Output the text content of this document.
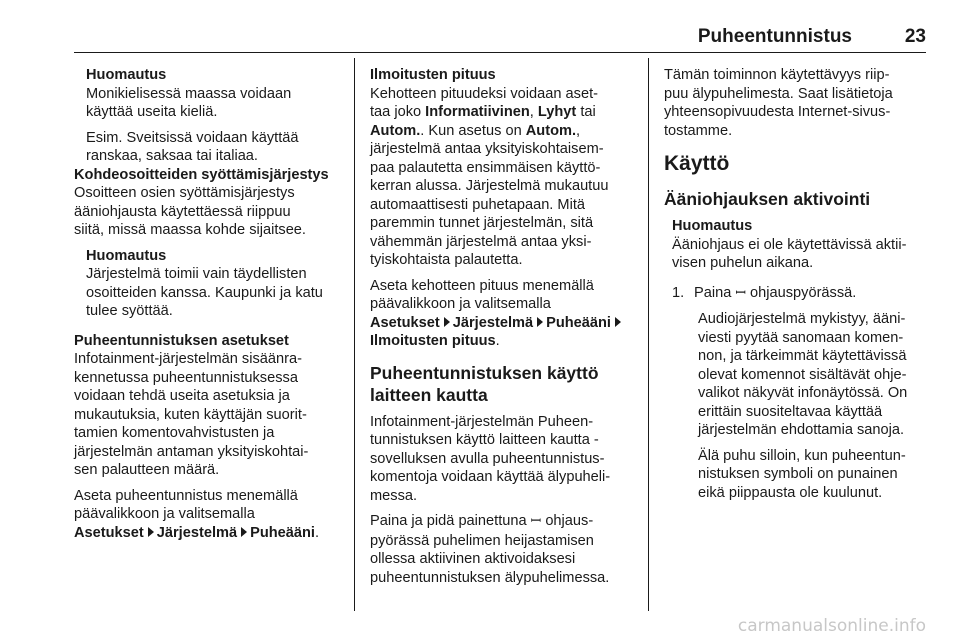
Puheentunnistus	23
Huomautus
Monikielisessä maassa voidaan
käyttää useita kieliä.
Esim. Sveitsissä voidaan käyttää
ranskaa, saksaa tai italiaa.
Kohdeosoitteiden syöttämisjärjestys
Osoitteen osien syöttämisjärjestys
ääniohjausta käytettäessä riippuu
siitä, missä maassa kohde sijaitsee.
Huomautus
Järjestelmä toimii vain täydellisten
osoitteiden kanssa. Kaupunki ja katu
tulee syöttää.
Puheentunnistuksen asetukset
Infotainment-järjestelmän sisäänra-
kennetussa puheentunnistuksessa
voidaan tehdä useita asetuksia ja
mukautuksia, kuten käyttäjän suorit-
tamien komentovahvistusten ja
järjestelmän antaman yksityiskohtai-
sen palautteen määrä.
Aseta puheentunnistus menemällä
päävalikkoon ja valitsemalla
Asetukset Järjestelmä Puheääni.
Ilmoitusten pituus
Kehotteen pituudeksi voidaan aset-
taa joko Informatiivinen, Lyhyt tai
Autom.. Kun asetus on Autom.,
järjestelmä antaa yksityiskohtaisem-
paa palautetta ensimmäisen käyttö-
kerran alussa. Järjestelmä mukautuu
automaattisesti puhetapaan. Mitä
paremmin tunnet järjestelmän, sitä
vähemmän järjestelmä antaa yksi-
tyiskohtaista palautetta.
Aseta kehotteen pituus menemällä
päävalikkoon ja valitsemalla
Asetukset Järjestelmä Puheääni
Ilmoitusten pituus.
Puheentunnistuksen käyttö
laitteen kautta
Infotainment-järjestelmän Puheen-
tunnistuksen käyttö laitteen kautta -
sovelluksen avulla puheentunnistus-
komentoja voidaan käyttää älypuheli-
messa.
Paina ja pidä painettuna ꟷ ohjaus-
pyörässä puhelimen heijastamisen
ollessa aktiivinen aktivoidaksesi
puheentunnistuksen älypuhelimessa.
Tämän toiminnon käytettävyys riip-
puu älypuhelimesta. Saat lisätietoja
yhteensopivuudesta Internet-sivus-
tostamme.
Käyttö
Ääniohjauksen aktivointi
Huomautus
Ääniohjaus ei ole käytettävissä aktii-
visen puhelun aikana.
1. Paina ꟷ ohjauspyörässä.
Audiojärjestelmä mykistyy, ääni-
viesti pyytää sanomaan komen-
non, ja tärkeimmät käytettävissä
olevat komennot sisältävät ohje-
valikot näkyvät infonäytössä. On
erittäin suositeltavaa käyttää
järjestelmän ehdottamia sanoja.
Älä puhu silloin, kun puheentun-
nistuksen symboli on punainen
eikä piippausta ole kuulunut.
carmanualsonline.info
